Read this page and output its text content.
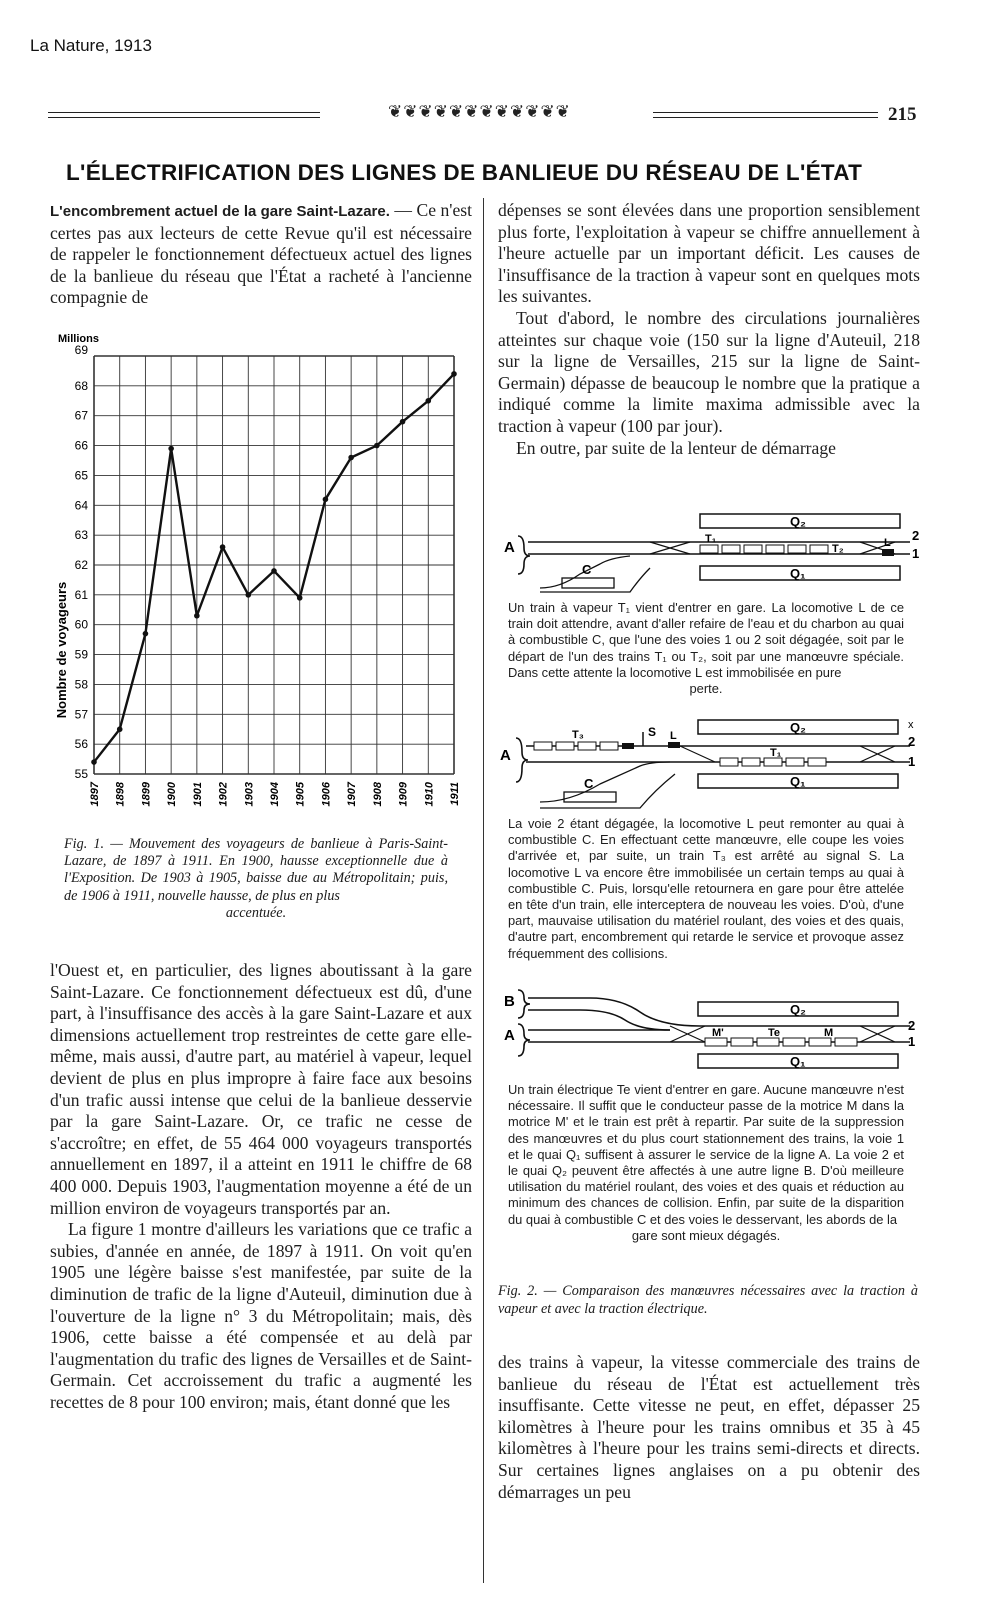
La Nature, 1913
❦❦❦❦❦❦❦❦❦❦❦❦	215
L'ÉLECTRIFICATION DES LIGNES DE BANLIEUE DU RÉSEAU DE L'ÉTAT

L'encombrement actuel de la gare Saint-Lazare. — Ce n'est certes pas aux lecteurs de cette Revue qu'il est nécessaire de rappeler le fonctionnement défectueux actuel des lignes de la banlieue du réseau que l'État a racheté à l'ancienne compagnie de

Millions
Nombre de voyageurs
55
56
57
58
59
60
61
62
63
64
65
66
67
68
69
1897 1898 1899 1900 1901 1902 1903 1904 1905 1906 1907 1908 1909 1910 1911
Fig. 1. — Mouvement des voyageurs de banlieue à Paris-Saint-Lazare, de 1897 à 1911. En 1900, hausse exceptionnelle due à l'Exposition. De 1903 à 1905, baisse due au Métropolitain; puis, de 1906 à 1911, nouvelle hausse, de plus en plus
accentuée.

l'Ouest et, en particulier, des lignes aboutissant à la gare Saint-Lazare. Ce fonctionnement défectueux est dû, d'une part, à l'insuffisance des accès à la gare Saint-Lazare et aux dimensions actuellement trop restreintes de cette gare elle-même, mais aussi, d'autre part, au matériel à vapeur, lequel devient de plus en plus impropre à faire face aux besoins d'un trafic aussi intense que celui de la banlieue desservie par la gare Saint-Lazare. Or, ce trafic ne cesse de s'accroître; en effet, de 55 464 000 voyageurs transportés annuellement en 1897, il a atteint en 1911 le chiffre de 68 400 000. Depuis 1903, l'augmentation moyenne a été de un million environ de voyageurs transportés par an.

La figure 1 montre d'ailleurs les variations que ce trafic a subies, d'année en année, de 1897 à 1911. On voit qu'en 1905 une légère baisse s'est manifestée, par suite de la diminution de trafic de la ligne d'Auteuil, diminution due à l'ouverture de la ligne n° 3 du Métropolitain; mais, dès 1906, cette baisse a été compensée et au delà par l'augmentation du trafic des lignes de Versailles et de Saint-Germain. Cet accroissement du trafic a augmenté les recettes de 8 pour 100 environ; mais, étant donné que les

dépenses se sont élevées dans une proportion sensiblement plus forte, l'exploitation à vapeur se chiffre annuellement à l'heure actuelle par un important déficit. Les causes de l'insuffisance de la traction à vapeur sont en quelques mots les suivantes.

Tout d'abord, le nombre des circulations journalières atteintes sur chaque voie (150 sur la ligne d'Auteuil, 218 sur la ligne de Versailles, 215 sur la ligne de Saint-Germain) dépasse de beaucoup le nombre que la pratique a indiqué comme la limite maxima admissible avec la traction à vapeur (100 par jour).

En outre, par suite de la lenteur de démarrage

A
Q₂
Q₁
T₁
T₂	L 2
1
C
Un train à vapeur T₁ vient d'entrer en gare. La locomotive L de ce train doit attendre, avant d'aller refaire de l'eau et du charbon au quai à combustible C, que l'une des voies 1 ou 2 soit dégagée, soit par le départ de l'un des trains T₁ ou T₂, soit par une manœuvre spéciale. Dans cette attente la locomotive L est immobilisée en pure
perte.
A
T₃	S L
Q₂
Q₁
T₁
x
2
1
C
La voie 2 étant dégagée, la locomotive L peut remonter au quai à combustible C. En effectuant cette manœuvre, elle coupe les voies d'arrivée et, par suite, un train T₃ est arrêté au signal S. La locomotive L va encore être immobilisée un certain temps au quai à combustible C. Puis, lorsqu'elle retournera en gare pour être attelée en tête d'un train, elle interceptera de nouveau les voies. D'où, d'une part, mauvaise utilisation du matériel roulant, des voies et des quais, d'autre part, encombrement qui retarde le service et provoque assez fréquemment des collisions.
B
A
Q₂
Q₁
M'	Te	M	2
1
Un train électrique Te vient d'entrer en gare. Aucune manœuvre n'est nécessaire. Il suffit que le conducteur passe de la motrice M dans la motrice M' et le train est prêt à repartir. Par suite de la suppression des manœuvres et du plus court stationnement des trains, la voie 1 et le quai Q₁ suffisent à assurer le service de la ligne A. La voie 2 et le quai Q₂ peuvent être affectés à une autre ligne B. D'où meilleure utilisation du matériel roulant, des voies et des quais et réduction au minimum des chances de collision. Enfin, par suite de la disparition du quai à combustible C et des voies le desservant, les abords de la
gare sont mieux dégagés.
Fig. 2. — Comparaison des manœuvres nécessaires avec la traction à vapeur et avec la traction électrique.

des trains à vapeur, la vitesse commerciale des trains de banlieue du réseau de l'État est actuellement très insuffisante. Cette vitesse ne peut, en effet, dépasser 25 kilomètres à l'heure pour les trains omnibus et 35 à 45 kilomètres à l'heure pour les trains semi-directs et directs. Sur certaines lignes anglaises on a pu obtenir des démarrages un peu
